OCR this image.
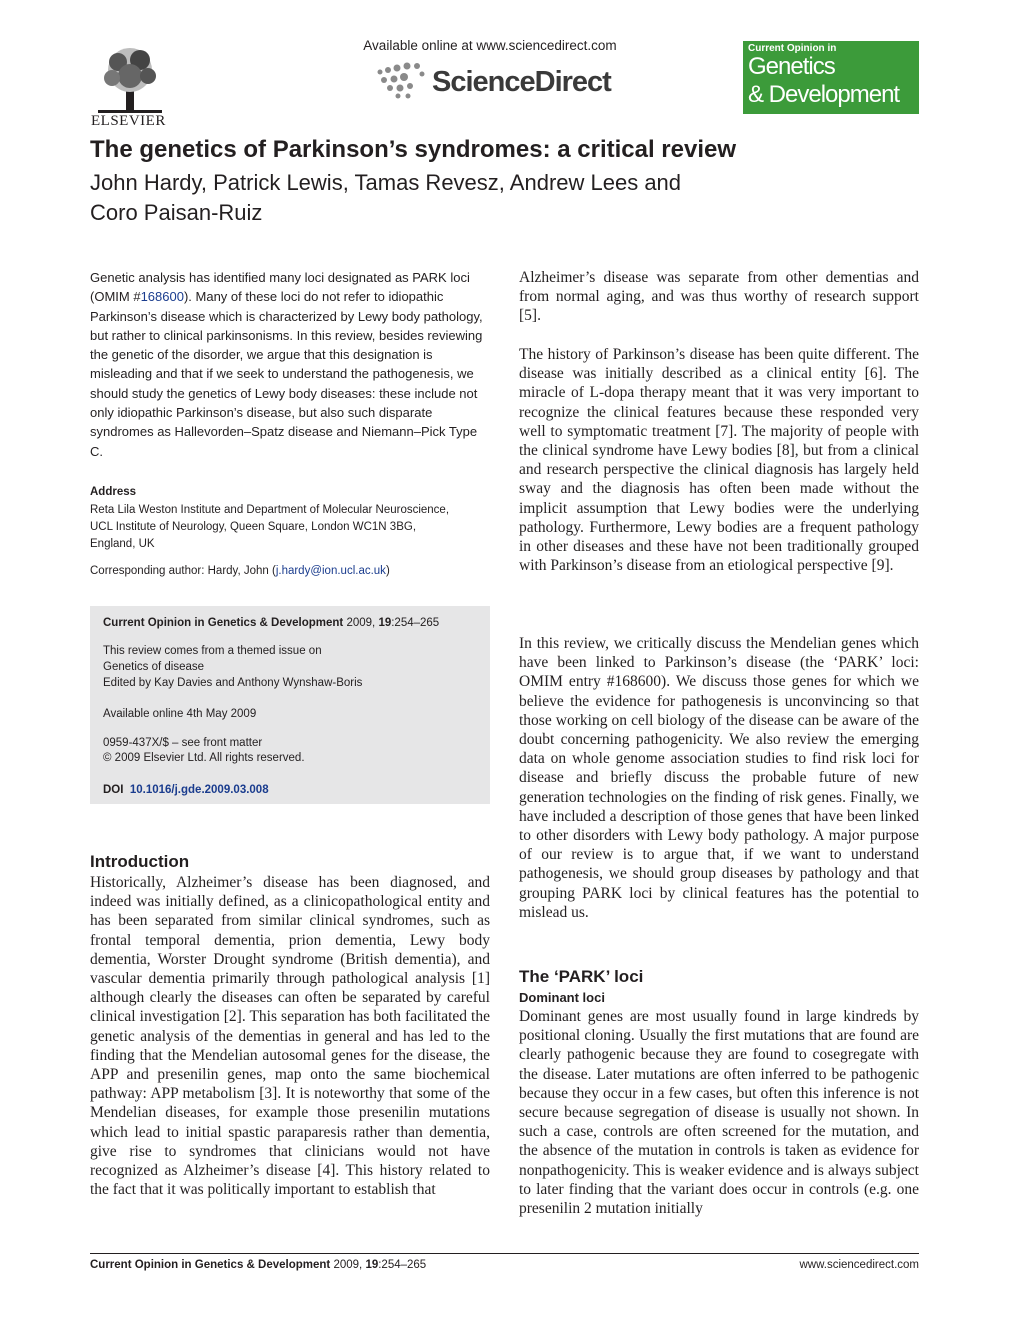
ELSEVIER
Available online at www.sciencedirect.com
ScienceDirect
Current Opinion in
Genetics
& Development
The genetics of Parkinson’s syndromes: a critical review
John Hardy, Patrick Lewis, Tamas Revesz, Andrew Lees and
Coro Paisan-Ruiz
Genetic analysis has identified many loci designated as PARK loci (OMIM #168600). Many of these loci do not refer to idiopathic Parkinson’s disease which is characterized by Lewy body pathology, but rather to clinical parkinsonisms. In this review, besides reviewing the genetic of the disorder, we argue that this designation is misleading and that if we seek to understand the pathogenesis, we should study the genetics of Lewy body diseases: these include not only idiopathic Parkinson’s disease, but also such disparate syndromes as Hallevorden–Spatz disease and Niemann–Pick Type C.
Address
Reta Lila Weston Institute and Department of Molecular Neuroscience,
UCL Institute of Neurology, Queen Square, London WC1N 3BG,
England, UK
Corresponding author: Hardy, John (j.hardy@ion.ucl.ac.uk)
Current Opinion in Genetics & Development 2009, 19:254–265
This review comes from a themed issue on
Genetics of disease
Edited by Kay Davies and Anthony Wynshaw-Boris
Available online 4th May 2009
0959-437X/$ – see front matter
© 2009 Elsevier Ltd. All rights reserved.
DOI 10.1016/j.gde.2009.03.008
Introduction
Historically, Alzheimer’s disease has been diagnosed, and indeed was initially defined, as a clinicopathological entity and has been separated from similar clinical syndromes, such as frontal temporal dementia, prion dementia, Lewy body dementia, Worster Drought syndrome (British dementia), and vascular dementia primarily through pathological analysis [1] although clearly the diseases can often be separated by careful clinical investigation [2]. This separation has both facilitated the genetic analysis of the dementias in general and has led to the finding that the Mendelian autosomal genes for the disease, the APP and presenilin genes, map onto the same biochemical pathway: APP metabolism [3]. It is noteworthy that some of the Mendelian diseases, for example those presenilin mutations which lead to initial spastic paraparesis rather than dementia, give rise to syndromes that clinicians would not have recognized as Alzheimer’s disease [4]. This history related to the fact that it was politically important to establish that
Alzheimer’s disease was separate from other dementias and from normal aging, and was thus worthy of research support [5].
The history of Parkinson’s disease has been quite different. The disease was initially described as a clinical entity [6]. The miracle of L-dopa therapy meant that it was very important to recognize the clinical features because these responded very well to symptomatic treatment [7]. The majority of people with the clinical syndrome have Lewy bodies [8], but from a clinical and research perspective the clinical diagnosis has largely held sway and the diagnosis has often been made without the implicit assumption that Lewy bodies were the underlying pathology. Furthermore, Lewy bodies are a frequent pathology in other diseases and these have not been traditionally grouped with Parkinson’s disease from an etiological perspective [9].
In this review, we critically discuss the Mendelian genes which have been linked to Parkinson’s disease (the ‘PARK’ loci: OMIM entry #168600). We discuss those genes for which we believe the evidence for pathogenesis is unconvincing so that those working on cell biology of the disease can be aware of the doubt concerning pathogenicity. We also review the emerging data on whole genome association studies to find risk loci for disease and briefly discuss the probable future of new generation technologies on the finding of risk genes. Finally, we have included a description of those genes that have been linked to other disorders with Lewy body pathology. A major purpose of our review is to argue that, if we want to understand pathogenesis, we should group diseases by pathology and that grouping PARK loci by clinical features has the potential to mislead us.
The ‘PARK’ loci
Dominant loci
Dominant genes are most usually found in large kindreds by positional cloning. Usually the first mutations that are found are clearly pathogenic because they are found to cosegregate with the disease. Later mutations are often inferred to be pathogenic because they occur in a few cases, but often this inference is not secure because segregation of disease is usually not shown. In such a case, controls are often screened for the mutation, and the absence of the mutation in controls is taken as evidence for nonpathogenicity. This is weaker evidence and is always subject to later finding that the variant does occur in controls (e.g. one presenilin 2 mutation initially
Current Opinion in Genetics & Development 2009, 19:254–265	www.sciencedirect.com
